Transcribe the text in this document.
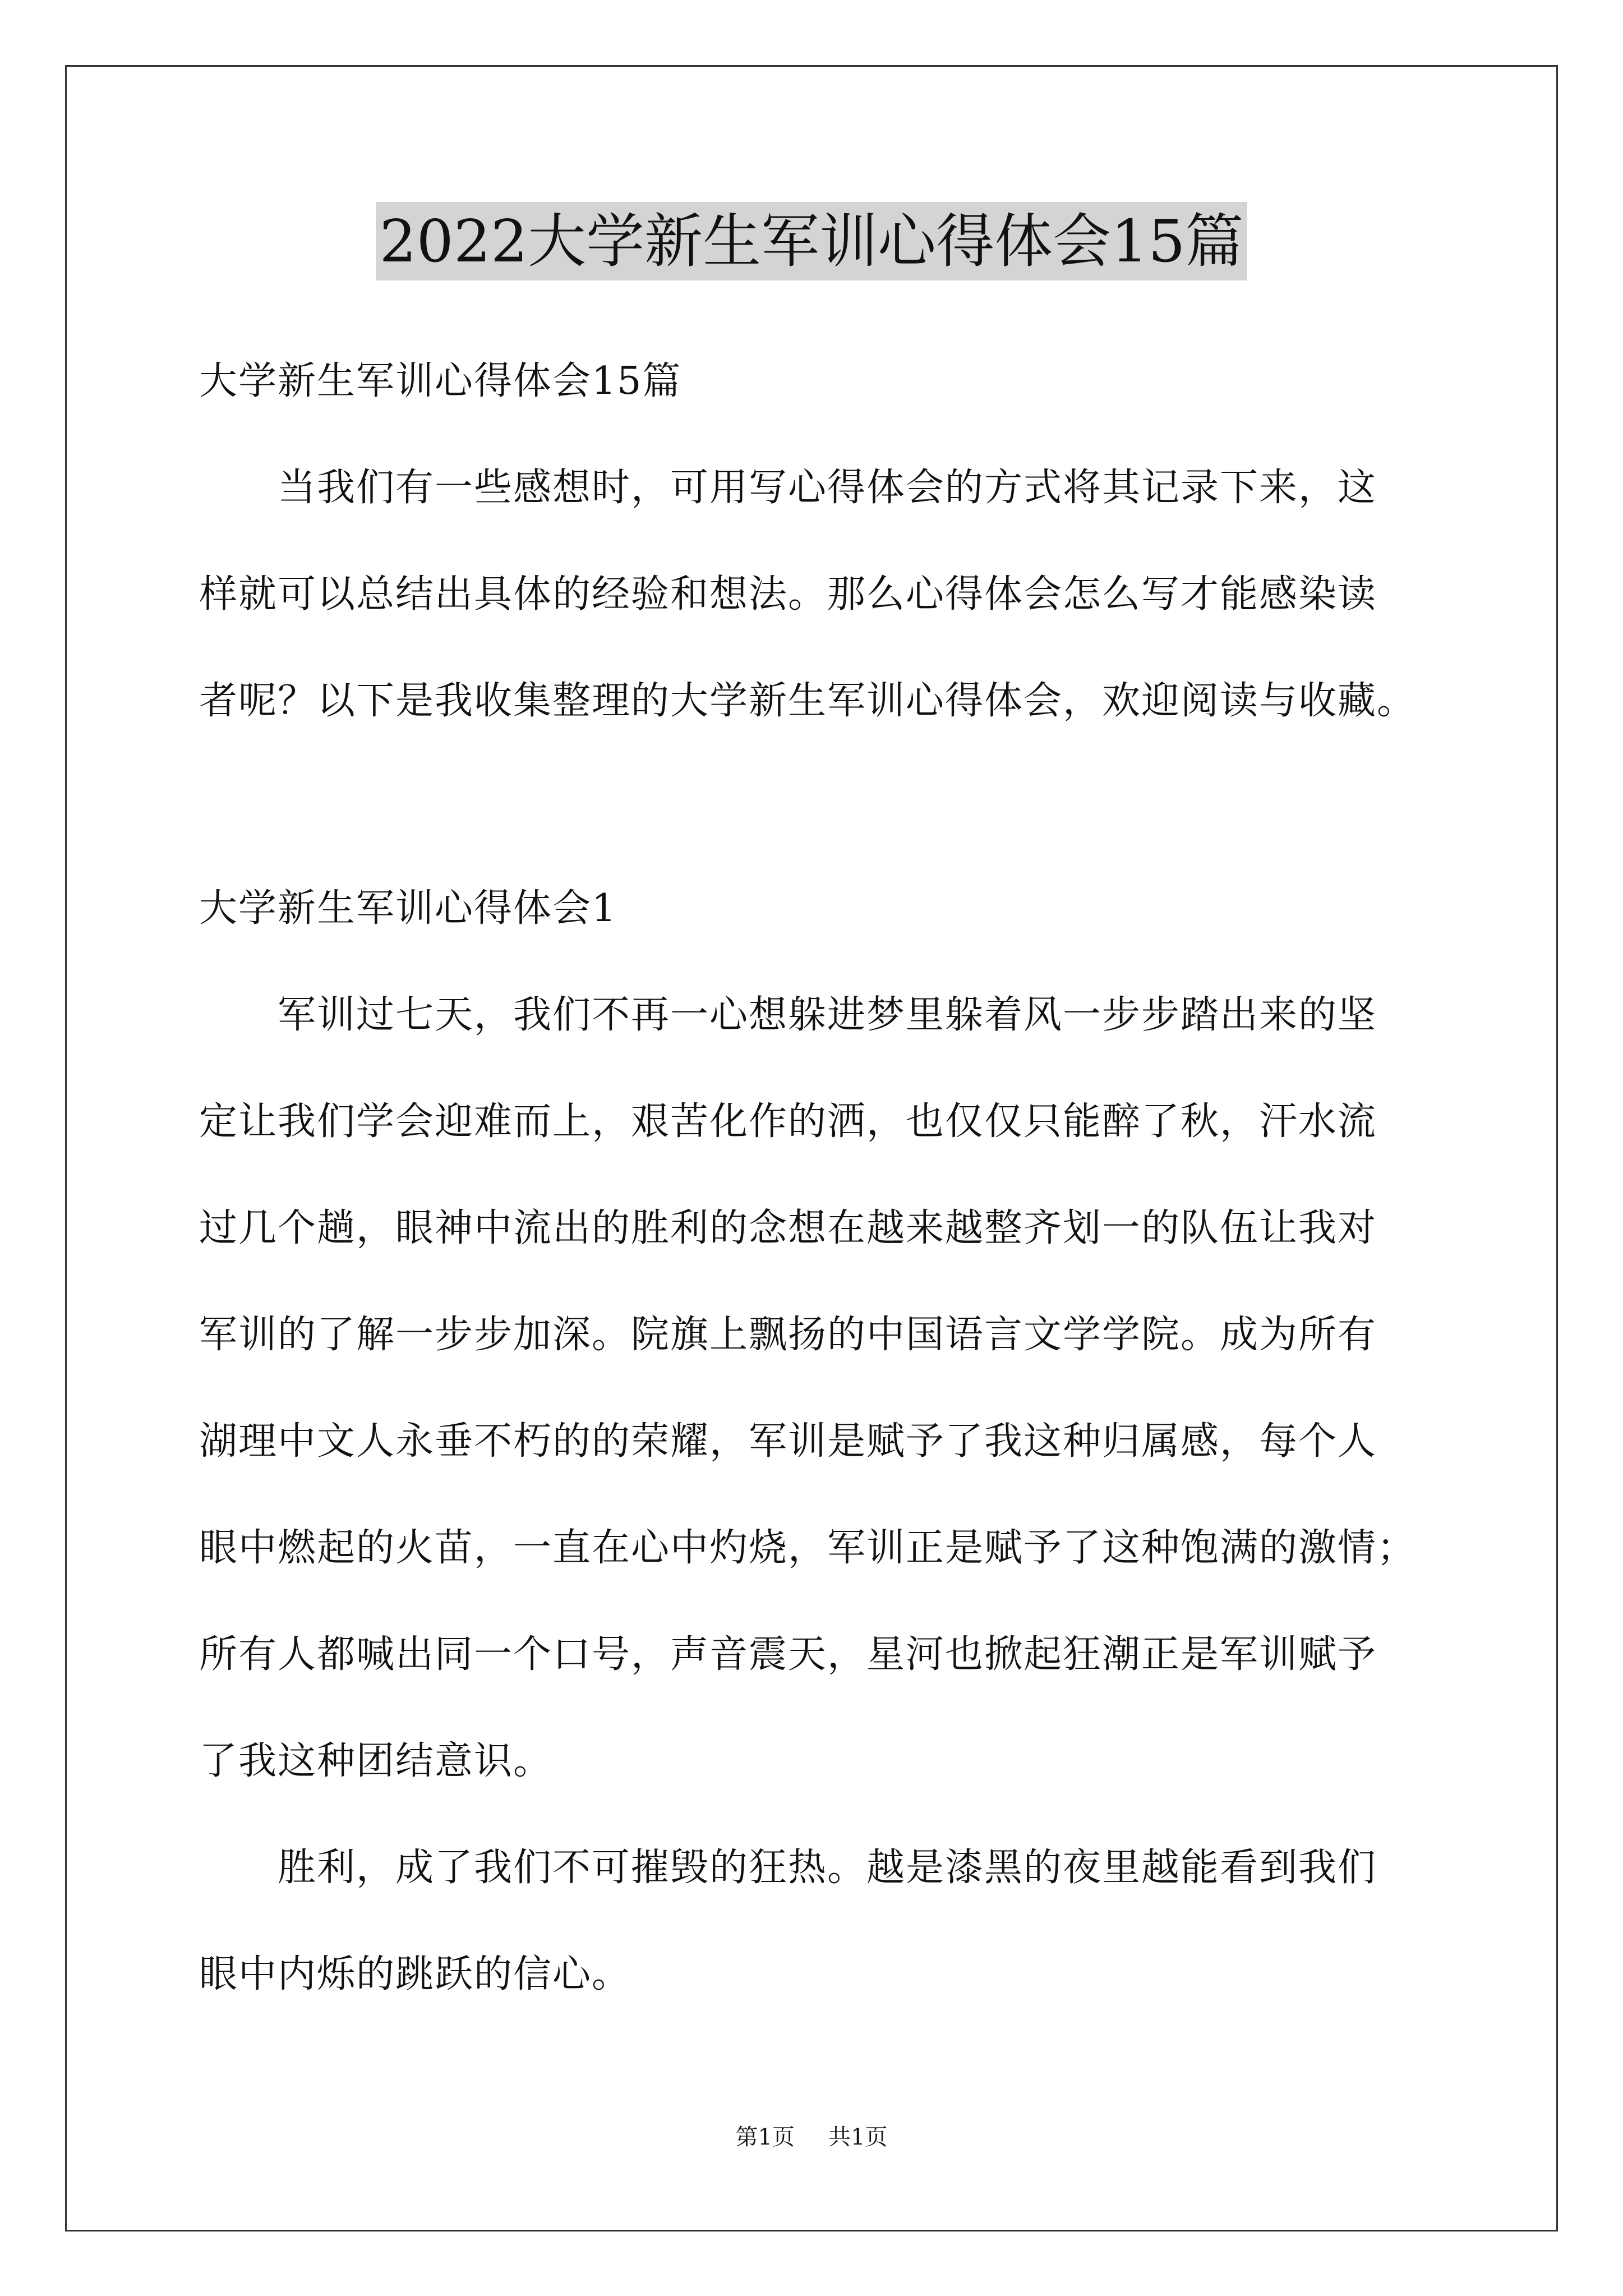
2022大学新生军训心得体会15篇
大学新生军训心得体会15篇
当我们有一些感想时，可用写心得体会的方式将其记录下来，这
样就可以总结出具体的经验和想法。那么心得体会怎么写才能感染读
者呢？以下是我收集整理的大学新生军训心得体会，欢迎阅读与收藏。
大学新生军训心得体会1
军训过七天，我们不再一心想躲进梦里躲着风一步步踏出来的坚
定让我们学会迎难而上，艰苦化作的洒，也仅仅只能醉了秋，汗水流
过几个趟，眼神中流出的胜利的念想在越来越整齐划一的队伍让我对
军训的了解一步步加深。院旗上飘扬的中国语言文学学院。成为所有
湖理中文人永垂不朽的的荣耀，军训是赋予了我这种归属感，每个人
眼中燃起的火苗，一直在心中灼烧，军训正是赋予了这种饱满的激情；
所有人都喊出同一个口号，声音震天，星河也掀起狂潮正是军训赋予
了我这种团结意识。
胜利，成了我们不可摧毁的狂热。越是漆黑的夜里越能看到我们
眼中内烁的跳跃的信心。
第1页 共1页
